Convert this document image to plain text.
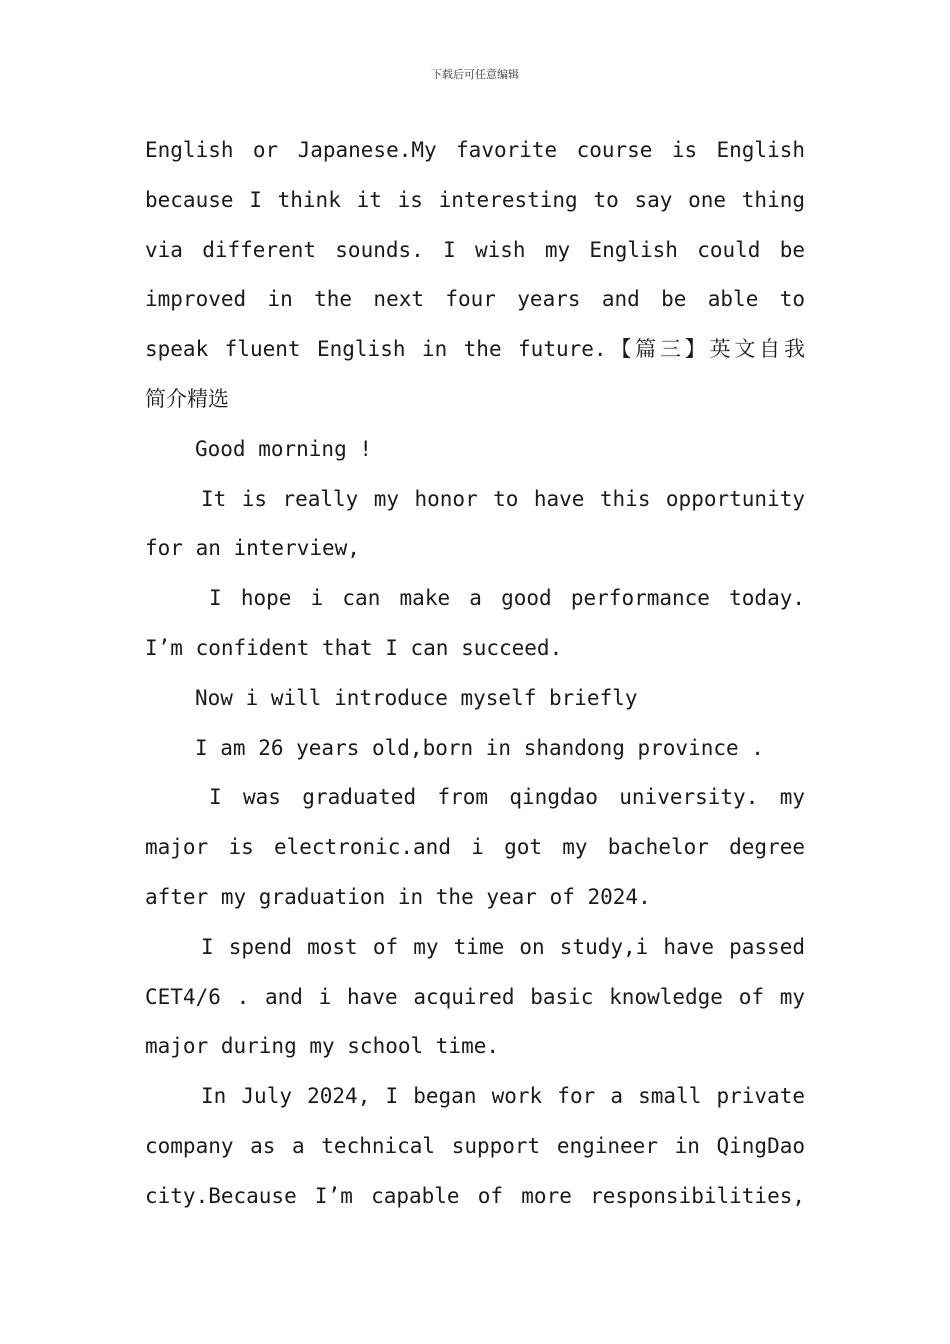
下载后可任意编辑
English or Japanese.My favorite course is English
because I think it is interesting to say one thing
via different sounds. I wish my English could be
improved in the next four years and be able to
speak fluent English in the future.【篇三】英文自我
简介精选
Good morning !
It is really my honor to have this opportunity
for an interview,
I hope i can make a good performance today.
I’m confident that I can succeed.
Now i will introduce myself briefly
I am 26 years old,born in shandong province .
I was graduated from qingdao university. my
major is electronic.and i got my bachelor degree
after my graduation in the year of 2024.
I spend most of my time on study,i have passed
CET4/6 . and i have acquired basic knowledge of my
major during my school time.
In July 2024, I began work for a small private
company as a technical support engineer in QingDao
city.Because I’m capable of more responsibilities,
